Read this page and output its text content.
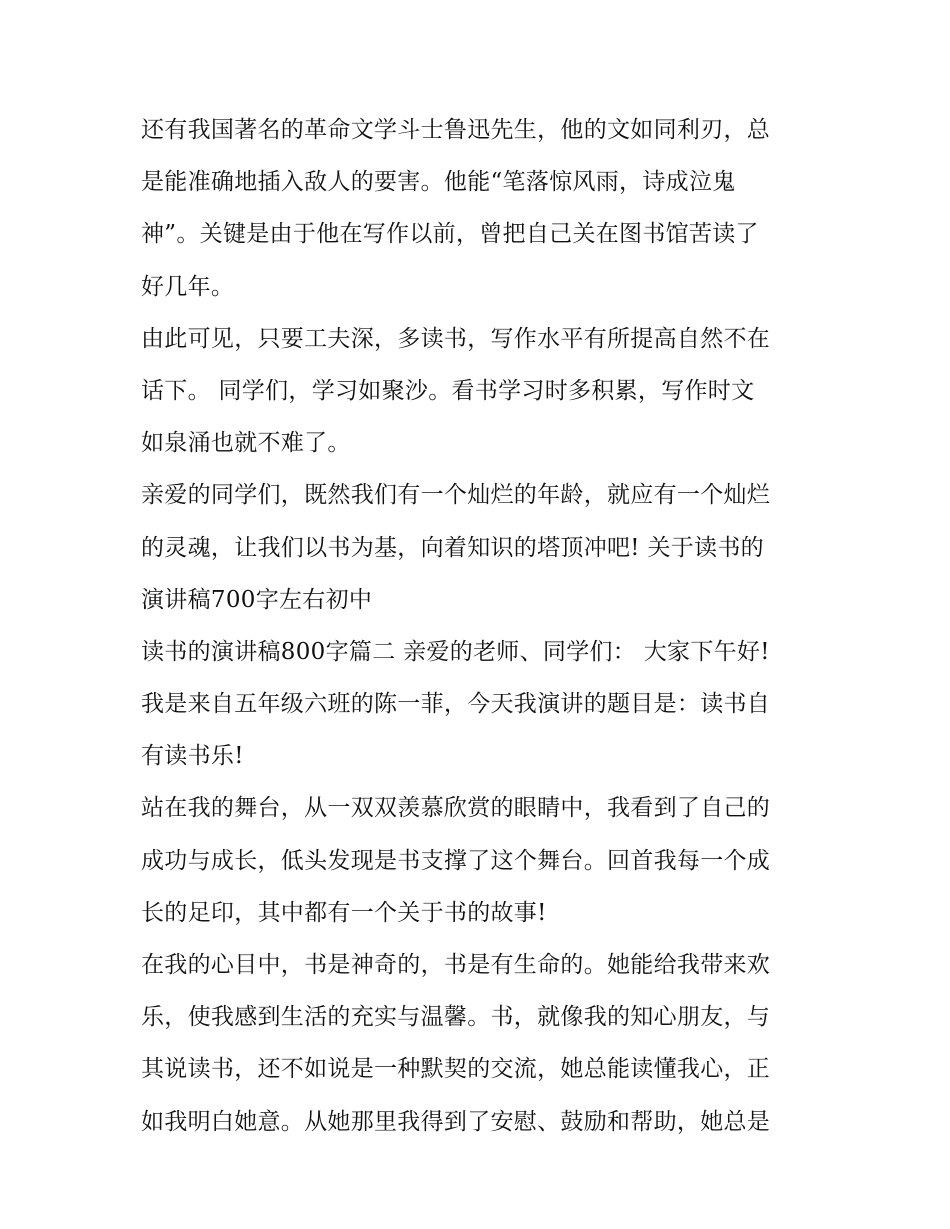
还有我国著名的革命文学斗士鲁迅先生，他的文如同利刃，总
是能准确地插入敌人的要害。他能“笔落惊风雨，诗成泣鬼
神”。关键是由于他在写作以前，曾把自己关在图书馆苦读了
好几年。
由此可见，只要工夫深，多读书，写作水平有所提高自然不在
话下。 同学们，学习如聚沙。看书学习时多积累，写作时文
如泉涌也就不难了。
亲爱的同学们，既然我们有一个灿烂的年龄，就应有一个灿烂
的灵魂，让我们以书为基，向着知识的塔顶冲吧! 关于读书的
演讲稿700字左右初中
读书的演讲稿800字篇二 亲爱的老师、同学们： 大家下午好!
我是来自五年级六班的陈一菲，今天我演讲的题目是：读书自
有读书乐!
站在我的舞台，从一双双羡慕欣赏的眼睛中，我看到了自己的
成功与成长，低头发现是书支撑了这个舞台。回首我每一个成
长的足印，其中都有一个关于书的故事!
在我的心目中，书是神奇的，书是有生命的。她能给我带来欢
乐，使我感到生活的充实与温馨。书，就像我的知心朋友，与
其说读书，还不如说是一种默契的交流，她总能读懂我心，正
如我明白她意。从她那里我得到了安慰、鼓励和帮助，她总是
